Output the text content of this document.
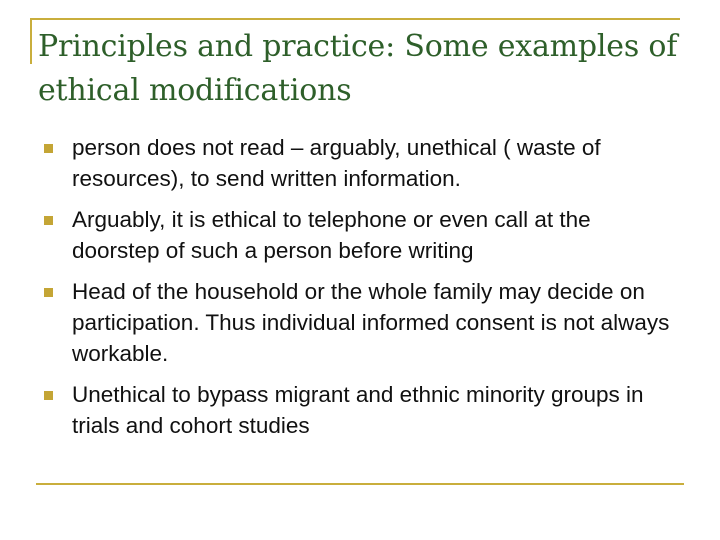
Principles and practice: Some examples of ethical modifications
person does not read – arguably, unethical ( waste of resources), to send written information.
Arguably, it is ethical to telephone or even call at the doorstep of such a person before writing
Head of the household or the whole family may decide on participation. Thus individual informed consent is not always workable.
Unethical to bypass migrant and ethnic minority groups in trials and cohort studies
